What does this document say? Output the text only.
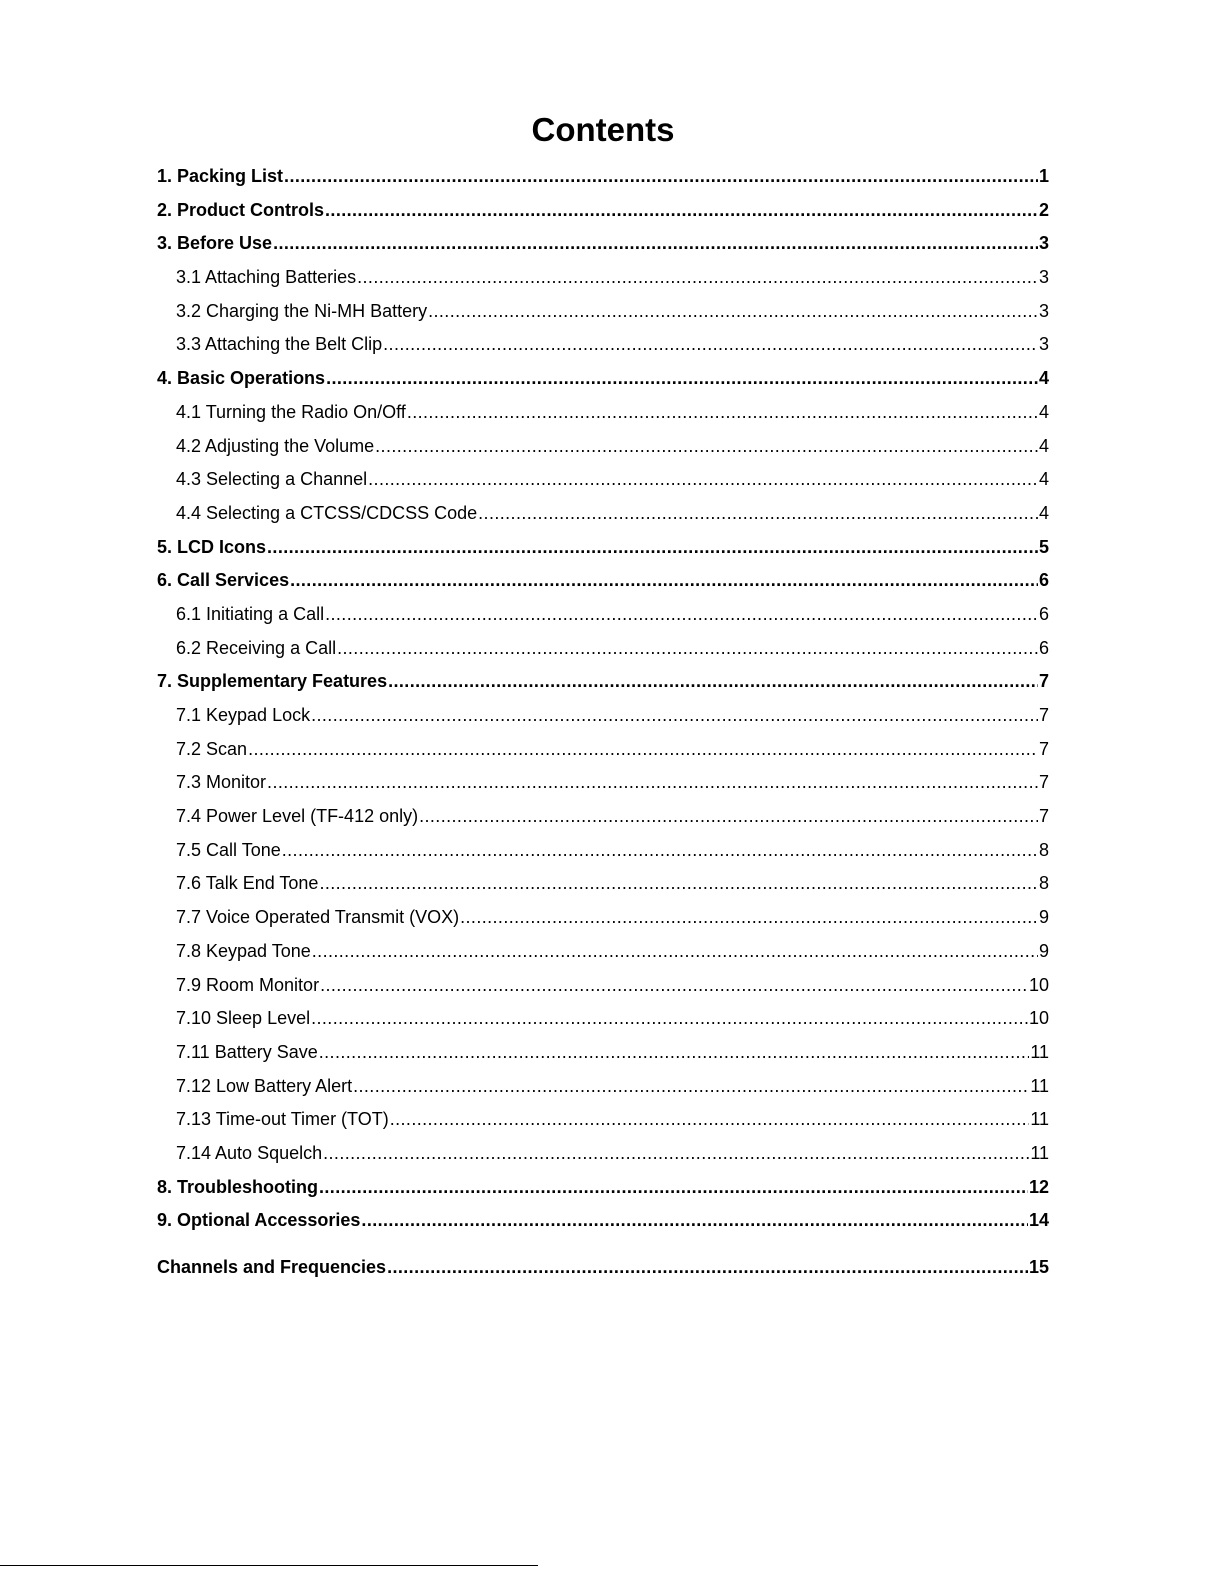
Contents
1. Packing List .....	1
2. Product Controls .....	2
3. Before Use .....	3
3.1 Attaching Batteries .....	3
3.2 Charging the Ni-MH Battery .....	3
3.3 Attaching the Belt Clip .....	3
4. Basic Operations .....	4
4.1 Turning the Radio On/Off .....	4
4.2 Adjusting the Volume .....	4
4.3 Selecting a Channel .....	4
4.4 Selecting a CTCSS/CDCSS Code .....	4
5. LCD Icons .....	5
6. Call Services .....	6
6.1 Initiating a Call .....	6
6.2 Receiving a Call .....	6
7. Supplementary Features .....	7
7.1 Keypad Lock .....	7
7.2 Scan .....	7
7.3 Monitor .....	7
7.4 Power Level (TF-412 only) .....	7
7.5 Call Tone .....	8
7.6 Talk End Tone .....	8
7.7 Voice Operated Transmit (VOX) .....	9
7.8 Keypad Tone .....	9
7.9 Room Monitor .....	10
7.10 Sleep Level .....	10
7.11 Battery Save .....	11
7.12 Low Battery Alert .....	11
7.13 Time-out Timer (TOT) .....	11
7.14 Auto Squelch .....	11
8. Troubleshooting .....	12
9. Optional Accessories .....	14
Channels and Frequencies .....	15
